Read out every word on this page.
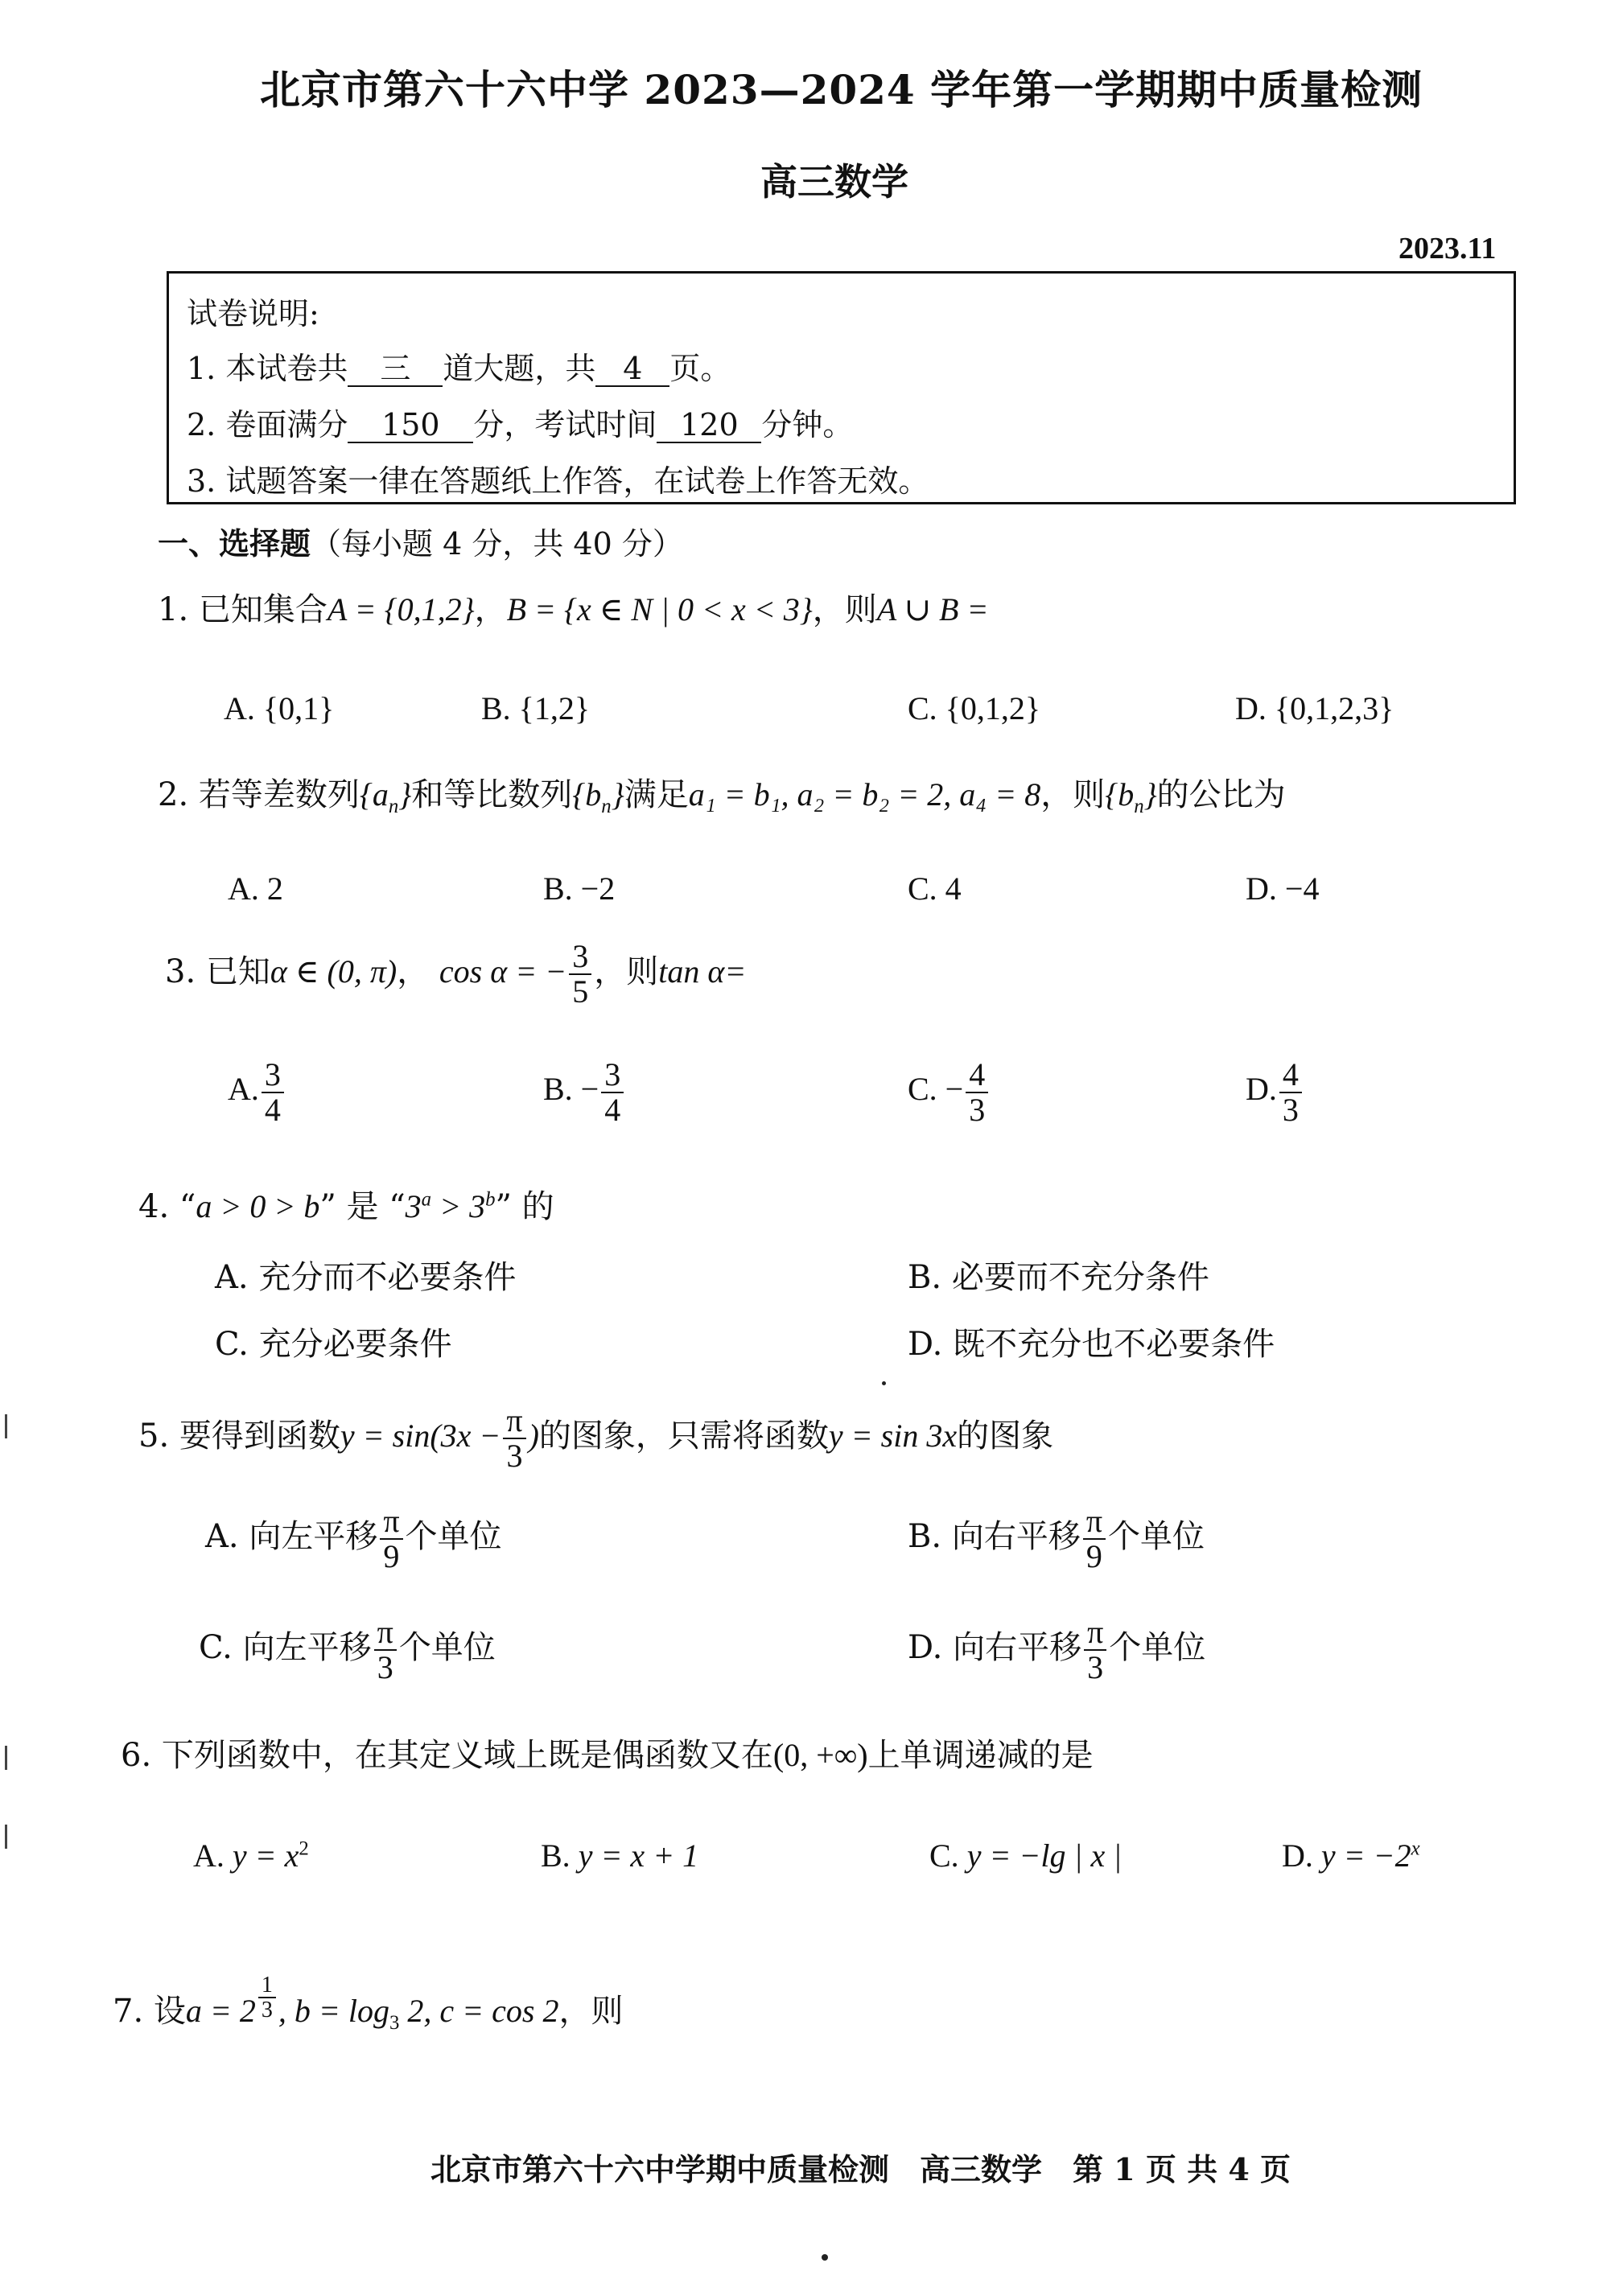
北京市第六十六中学 2023—2024 学年第一学期期中质量检测
高三数学
2023.11
试卷说明:
1. 本试卷共 三 道大题，共 4 页。
2. 卷面满分 150 分，考试时间 120 分钟。
3. 试题答案一律在答题纸上作答，在试卷上作答无效。
一、选择题（每小题 4 分，共 40 分）
1. 已知集合A = {0,1,2}，B = {x ∈ N | 0 < x < 3}，则A ∪ B =
A. {0,1}	B. {1,2}	C. {0,1,2}	D. {0,1,2,3}
2. 若等差数列$\{a_n\}$和等比数列$\{b_n\}$满足a₁ = b₁, a₂ = b₂ = 2, a₄ = 8，则$\{b_n\}$的公比为
A. 2	B. −2	C. 4	D. −4
3. 已知α ∈ (0, π)， cos α = − $\frac{3}{5}$ ，则tan α=
A. $\frac{3}{4}$	B. − $\frac{3}{4}$	C. − $\frac{4}{3}$	D. $\frac{4}{3}$
4. “a > 0 > b” 是 “$3^a > 3^b$” 的
A. 充分而不必要条件	B. 必要而不充分条件
C. 充分必要条件	D. 既不充分也不必要条件
5. 要得到函数$y = \sin(3x - \frac{\pi}{3}$ )的图象，只需将函数y = sin 3x的图象
A. 向左平移 $\frac{\pi}{9}$ 个单位	B. 向右平移 $\frac{\pi}{9}$ 个单位
C. 向左平移 $\frac{\pi}{3}$ 个单位	D. 向右平移 $\frac{\pi}{3}$ 个单位
6. 下列函数中，在其定义域上既是偶函数又在(0, +∞)上单调递减的是
A. $y = x^2$	B. y = x + 1	C. y = −lg | x |	D. $y = -2^x$
7. 设a = 2 $^{\frac{1}{3}}$ , $b = \log_3 2$, c = cos 2，则
北京市第六十六中学期中质量检测　高三数学　第 1 页 共 4 页
